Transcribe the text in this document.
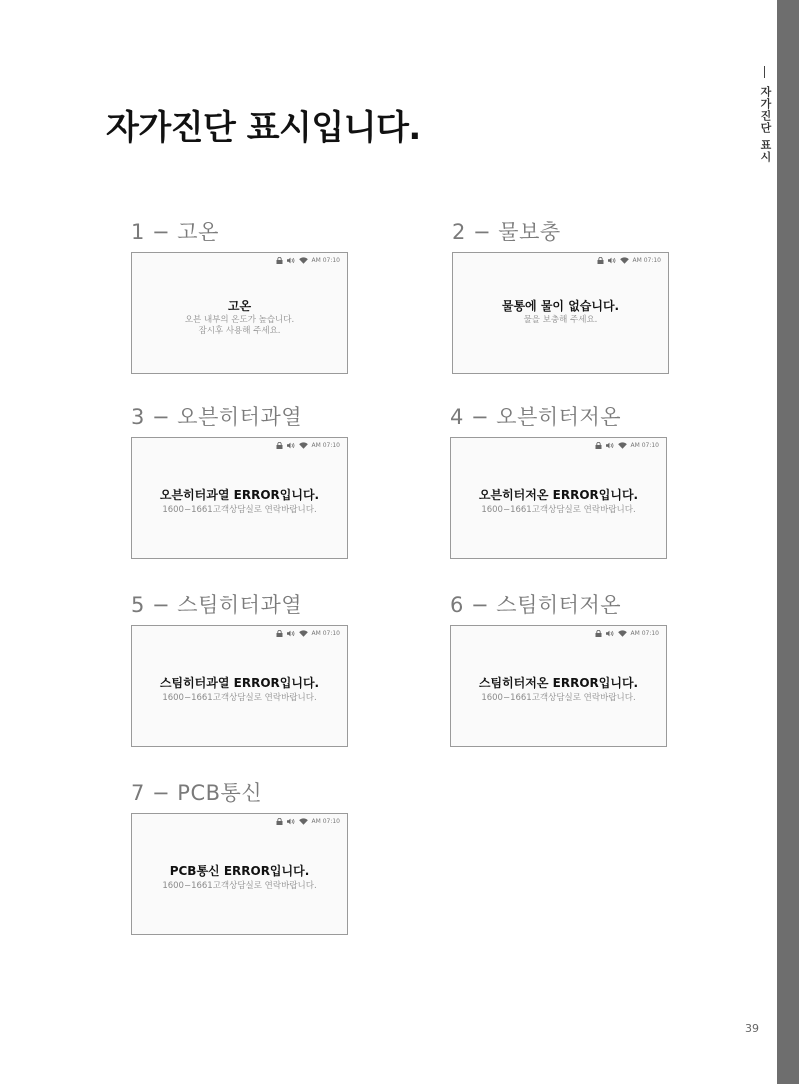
자가진단 표시
자가진단 표시입니다.
1 − 고온
AM 07:10
고온
오븐 내부의 온도가 높습니다.
잠시후 사용해 주세요.
2 − 물보충
AM 07:10
물통에 물이 없습니다.
물을 보충해 주세요.
3 − 오븐히터과열
AM 07:10
오븐히터과열 ERROR입니다.
1600−1661고객상담실로 연락바랍니다.
4 − 오븐히터저온
AM 07:10
오븐히터저온 ERROR입니다.
1600−1661고객상담실로 연락바랍니다.
5 − 스팀히터과열
AM 07:10
스팀히터과열 ERROR입니다.
1600−1661고객상담실로 연락바랍니다.
6 − 스팀히터저온
AM 07:10
스팀히터저온 ERROR입니다.
1600−1661고객상담실로 연락바랍니다.
7 − PCB통신
AM 07:10
PCB통신 ERROR입니다.
1600−1661고객상담실로 연락바랍니다.
39
